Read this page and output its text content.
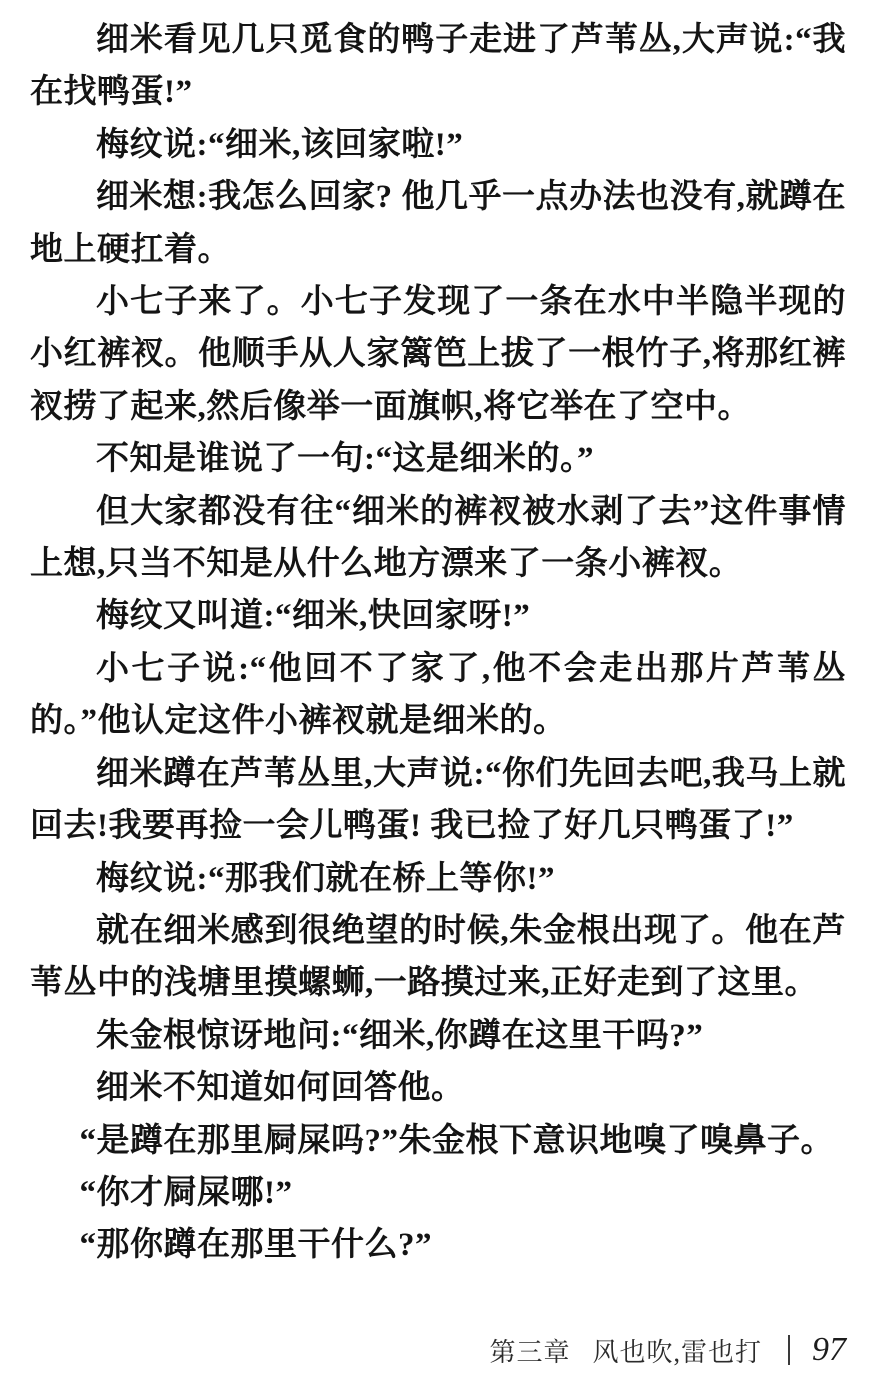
细米看见几只觅食的鸭子走进了芦苇丛,大声说:“我在找鸭蛋!”

梅纹说:“细米,该回家啦!”

细米想:我怎么回家? 他几乎一点办法也没有,就蹲在地上硬扛着。

小七子来了。小七子发现了一条在水中半隐半现的小红裤衩。他顺手从人家篱笆上拔了一根竹子,将那红裤衩捞了起来,然后像举一面旗帜,将它举在了空中。

不知是谁说了一句:“这是细米的。”

但大家都没有往“细米的裤衩被水剥了去”这件事情上想,只当不知是从什么地方漂来了一条小裤衩。

梅纹又叫道:“细米,快回家呀!”

小七子说:“他回不了家了,他不会走出那片芦苇丛的。”他认定这件小裤衩就是细米的。

细米蹲在芦苇丛里,大声说:“你们先回去吧,我马上就回去!我要再捡一会儿鸭蛋! 我已捡了好几只鸭蛋了!”

梅纹说:“那我们就在桥上等你!”

就在细米感到很绝望的时候,朱金根出现了。他在芦苇丛中的浅塘里摸螺蛳,一路摸过来,正好走到了这里。

朱金根惊讶地问:“细米,你蹲在这里干吗?”

细米不知道如何回答他。

“是蹲在那里屙屎吗?”朱金根下意识地嗅了嗅鼻子。

“你才屙屎哪!”

“那你蹲在那里干什么?”

第三章 风也吹,雷也打 97
